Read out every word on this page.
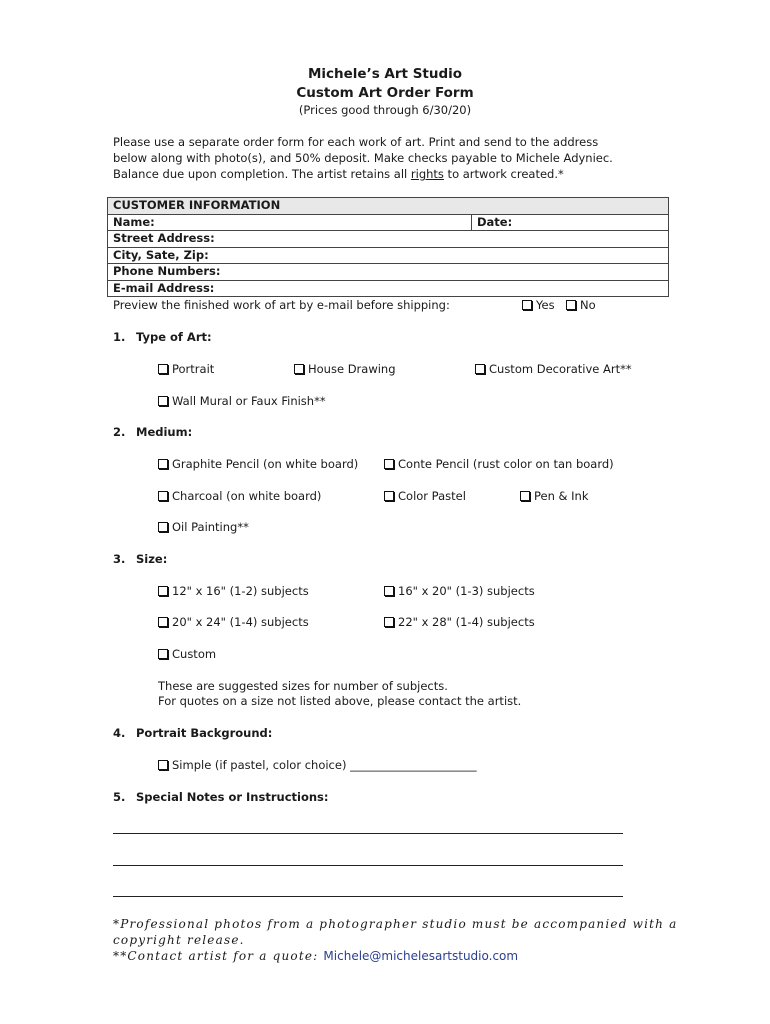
Michele’s Art Studio
Custom Art Order Form
(Prices good through 6/30/20)
Please use a separate order form for each work of art. Print and send to the address
below along with photo(s), and 50% deposit. Make checks payable to Michele Adyniec.
Balance due upon completion. The artist retains all rights to artwork created.*
CUSTOMER INFORMATION
Name:	Date:
Street Address:
City, Sate, Zip:
Phone Numbers:
E-mail Address:
Preview the finished work of art by e-mail before shipping:	Yes	No
1. Type of Art:
Portrait	House Drawing	Custom Decorative Art**
Wall Mural or Faux Finish**
2. Medium:
Graphite Pencil (on white board)	Conte Pencil (rust color on tan board)
Charcoal (on white board)	Color Pastel	Pen & Ink
Oil Painting**
3. Size:
12" x 16" (1-2) subjects	16" x 20" (1-3) subjects
20" x 24" (1-4) subjects	22" x 28" (1-4) subjects
Custom
These are suggested sizes for number of subjects.
For quotes on a size not listed above, please contact the artist.
4. Portrait Background:
Simple (if pastel, color choice) ______________________
5. Special Notes or Instructions:
*Professional photos from a photographer studio must be accompanied with a
copyright release.
**Contact artist for a quote: Michele@michelesartstudio.com
